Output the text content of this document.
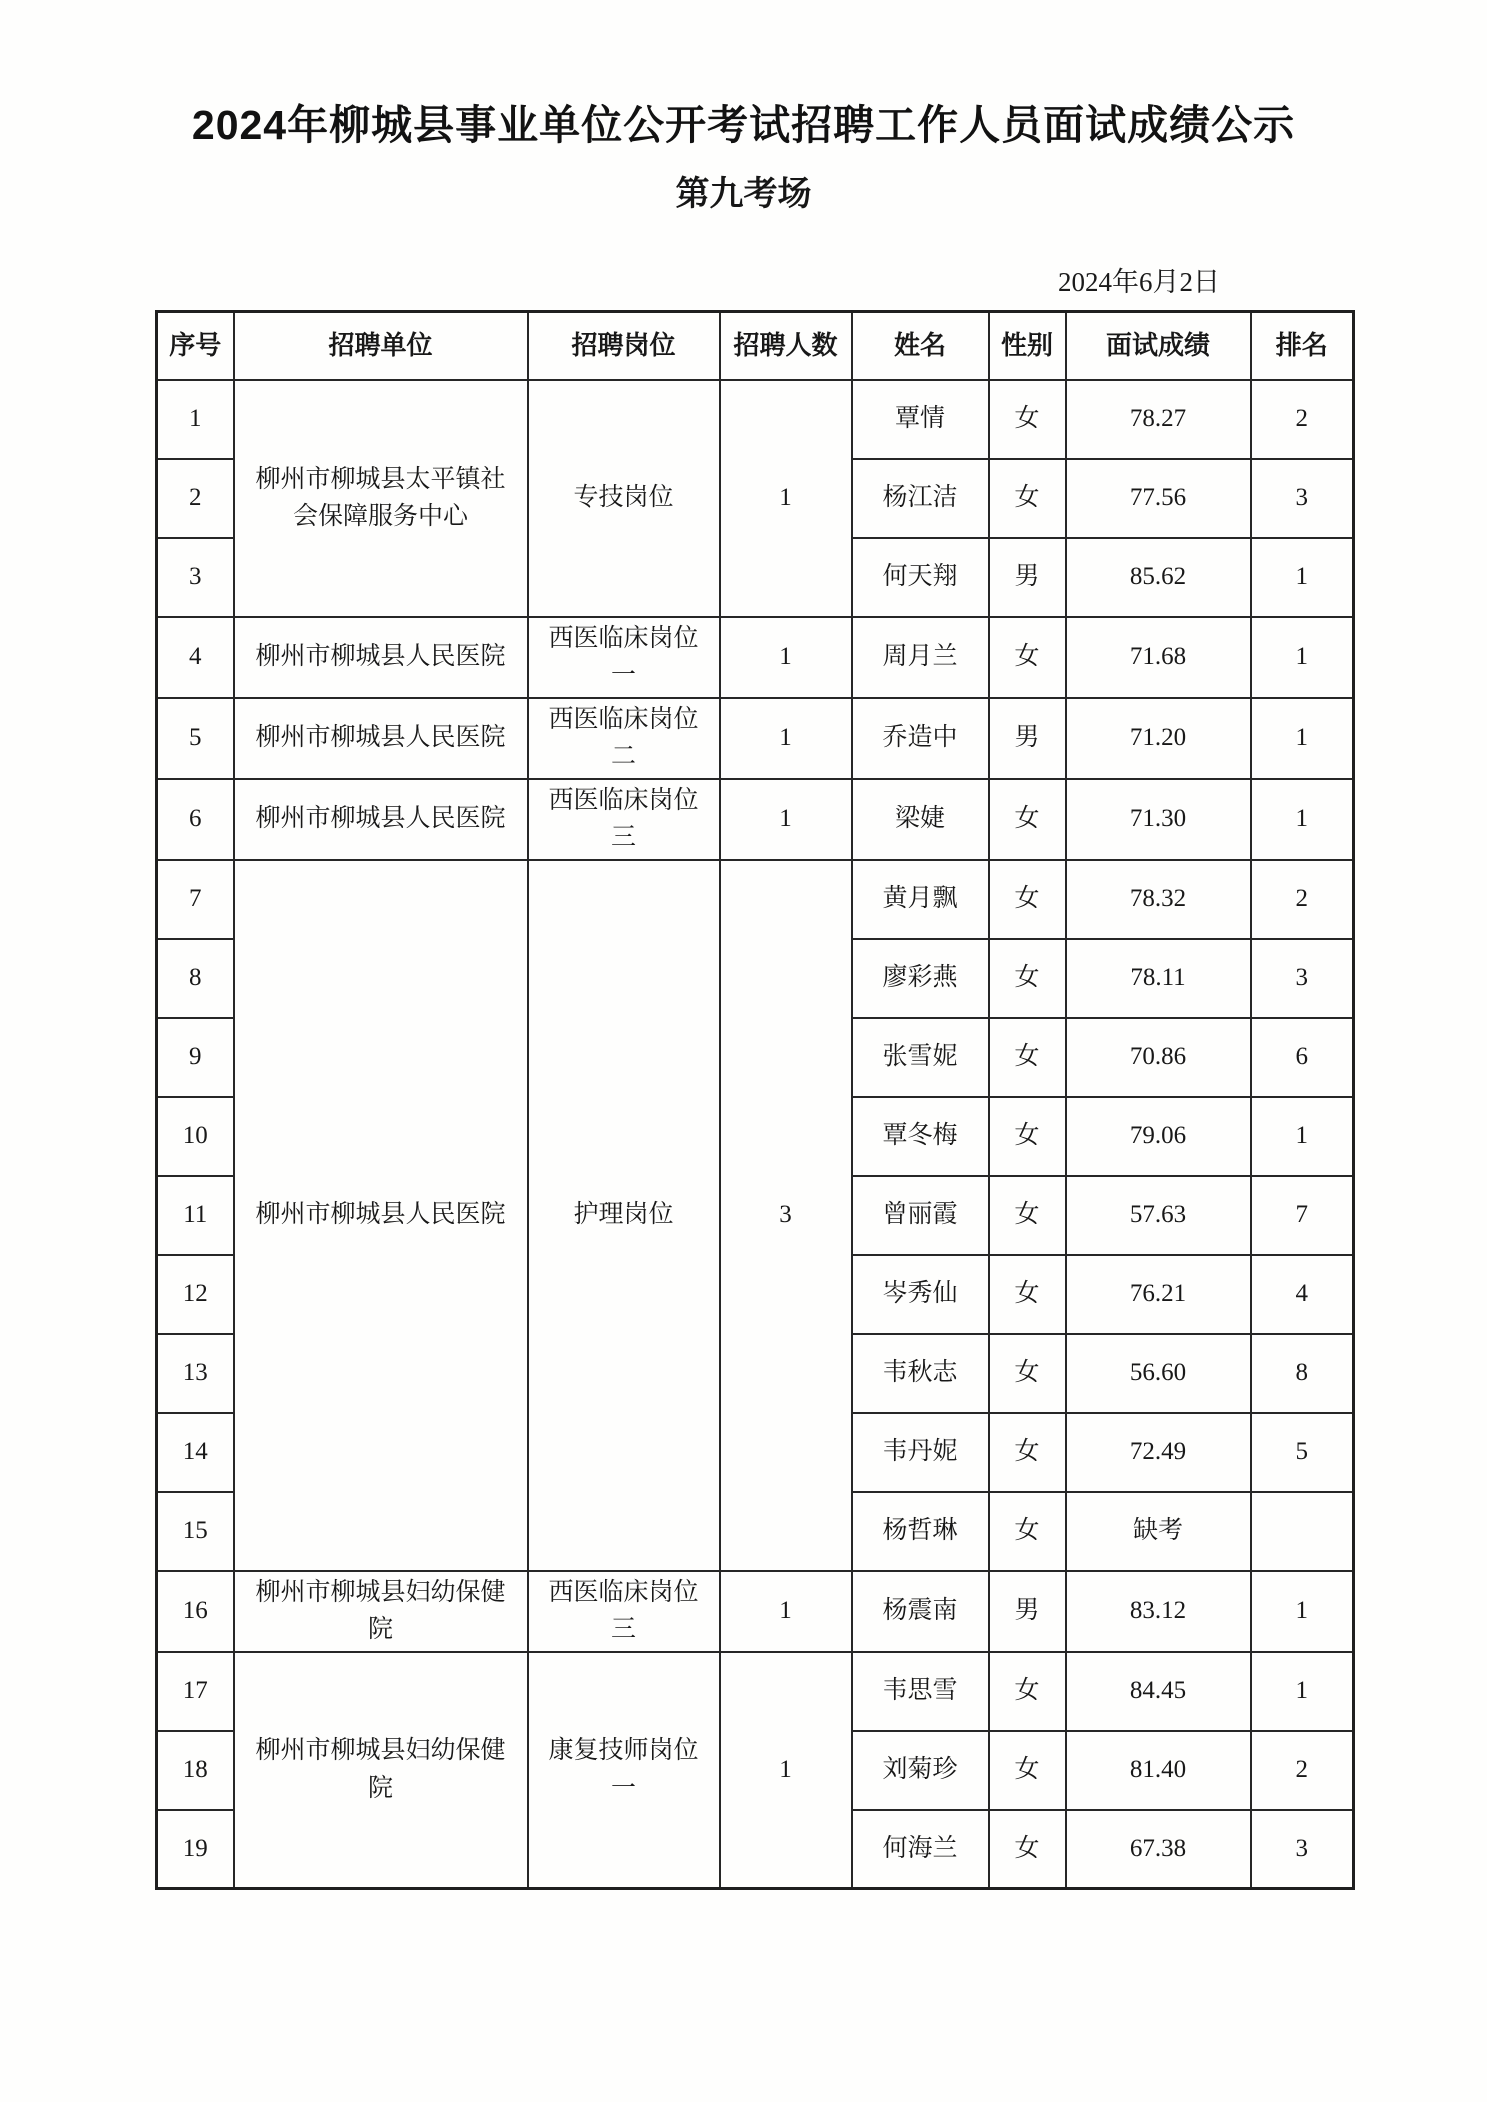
2024年柳城县事业单位公开考试招聘工作人员面试成绩公示
第九考场
2024年6月2日
序号	招聘单位	招聘岗位	招聘人数	姓名	性别	面试成绩	排名
1	柳州市柳城县太平镇社会保障服务中心	专技岗位	1	覃情	女	78.27	2
2				杨江洁	女	77.56	3
3				何天翔	男	85.62	1
4	柳州市柳城县人民医院	西医临床岗位一	1	周月兰	女	71.68	1
5	柳州市柳城县人民医院	西医临床岗位二	1	乔造中	男	71.20	1
6	柳州市柳城县人民医院	西医临床岗位三	1	梁婕	女	71.30	1
7	柳州市柳城县人民医院	护理岗位	3	黄月飘	女	78.32	2
8				廖彩燕	女	78.11	3
9				张雪妮	女	70.86	6
10				覃冬梅	女	79.06	1
11				曾丽霞	女	57.63	7
12				岑秀仙	女	76.21	4
13				韦秋志	女	56.60	8
14				韦丹妮	女	72.49	5
15				杨哲琳	女	缺考	
16	柳州市柳城县妇幼保健院	西医临床岗位三	1	杨震南	男	83.12	1
17	柳州市柳城县妇幼保健院	康复技师岗位一	1	韦思雪	女	84.45	1
18				刘菊珍	女	81.40	2
19				何海兰	女	67.38	3
